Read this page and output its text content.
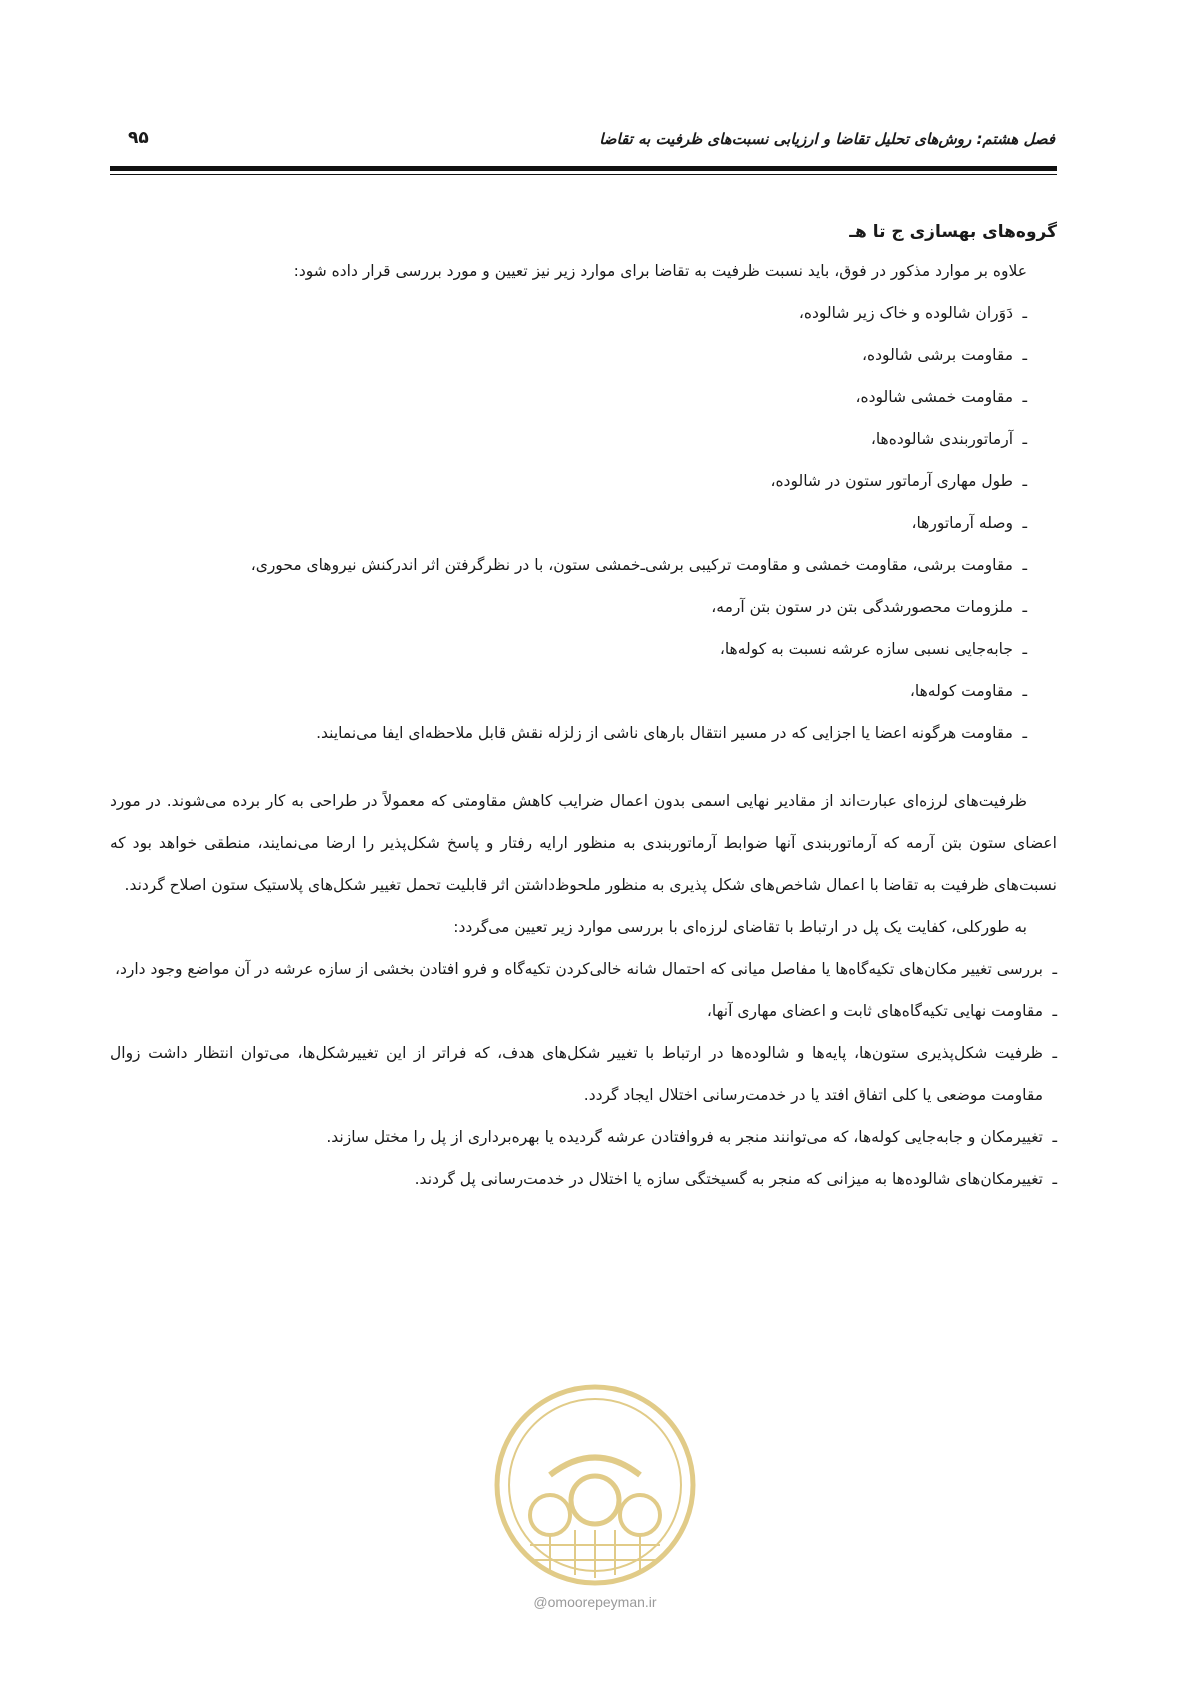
فصل هشتم: روش‌های تحلیل تقاضا و ارزیابی نسبت‌های ظرفیت به تقاضا
۹۵
گروه‌های بهسازی ج تا هـ
علاوه بر موارد مذکور در فوق، باید نسبت ظرفیت به تقاضا برای موارد زیر نیز تعیین و مورد بررسی قرار داده شود:
ـ
دَوَران شالوده و خاک زیر شالوده،
ـ
مقاومت برشی شالوده،
ـ
مقاومت خمشی شالوده،
ـ
آرماتوربندی شالوده‌ها،
ـ
طول مهاری آرماتور ستون در شالوده،
ـ
وصله آرماتورها،
ـ
مقاومت برشی، مقاومت خمشی و مقاومت ترکیبی برشی‌ـ‌خمشی ستون، با در نظرگرفتن اثر اندرکنش نیروهای محوری،
ـ
ملزومات محصورشدگی بتن در ستون بتن آرمه،
ـ
جابه‌جایی نسبی سازه عرشه نسبت به کوله‌ها،
ـ
مقاومت کوله‌ها،
ـ
مقاومت هرگونه اعضا یا اجزایی که در مسیر انتقال بارهای ناشی از زلزله نقش قابل ملاحظه‌ای ایفا می‌نمایند.
ظرفیت‌های لرزه‌ای عبارت‌اند از مقادیر نهایی اسمی بدون اعمال ضرایب کاهش مقاومتی که معمولاً در طراحی به کار برده می‌شوند. در مورد اعضای ستون بتن آرمه که آرماتوربندی آنها ضوابط آرماتوربندی به منظور ارایه رفتار و پاسخ شکل‌پذیر را ارضا می‌نمایند، منطقی خواهد بود که نسبت‌های ظرفیت به تقاضا با اعمال شاخص‌های شکل پذیری به منظور ملحوظ‌داشتن اثر قابلیت تحمل تغییر شکل‌های پلاستیک ستون اصلاح گردند.
به طورکلی، کفایت یک پل در ارتباط با تقاضای لرزه‌ای با بررسی موارد زیر تعیین می‌گردد:
ـ
بررسی تغییر مکان‌های تکیه‌گاه‌ها یا مفاصل میانی که احتمال شانه خالی‌کردن تکیه‌گاه و فرو افتادن بخشی از سازه عرشه در آن مواضع وجود دارد،
ـ
مقاومت نهایی تکیه‌گاه‌های ثابت و اعضای مهاری آنها،
ـ
ظرفیت شکل‌پذیری ستون‌ها، پایه‌ها و شالوده‌ها در ارتباط با تغییر شکل‌های هدف، که فراتر از این تغییرشکل‌ها، می‌توان انتظار داشت زوال مقاومت موضعی یا کلی اتفاق افتد یا در خدمت‌رسانی اختلال ایجاد گردد.
ـ
تغییرمکان و جابه‌جایی کوله‌ها، که می‌توانند منجر به فروافتادن عرشه گردیده یا بهره‌برداری از پل را مختل سازند.
ـ
تغییرمکان‌های شالوده‌ها به میزانی که منجر به گسیختگی سازه یا اختلال در خدمت‌رسانی پل گردند.
@omoorepeyman.ir
